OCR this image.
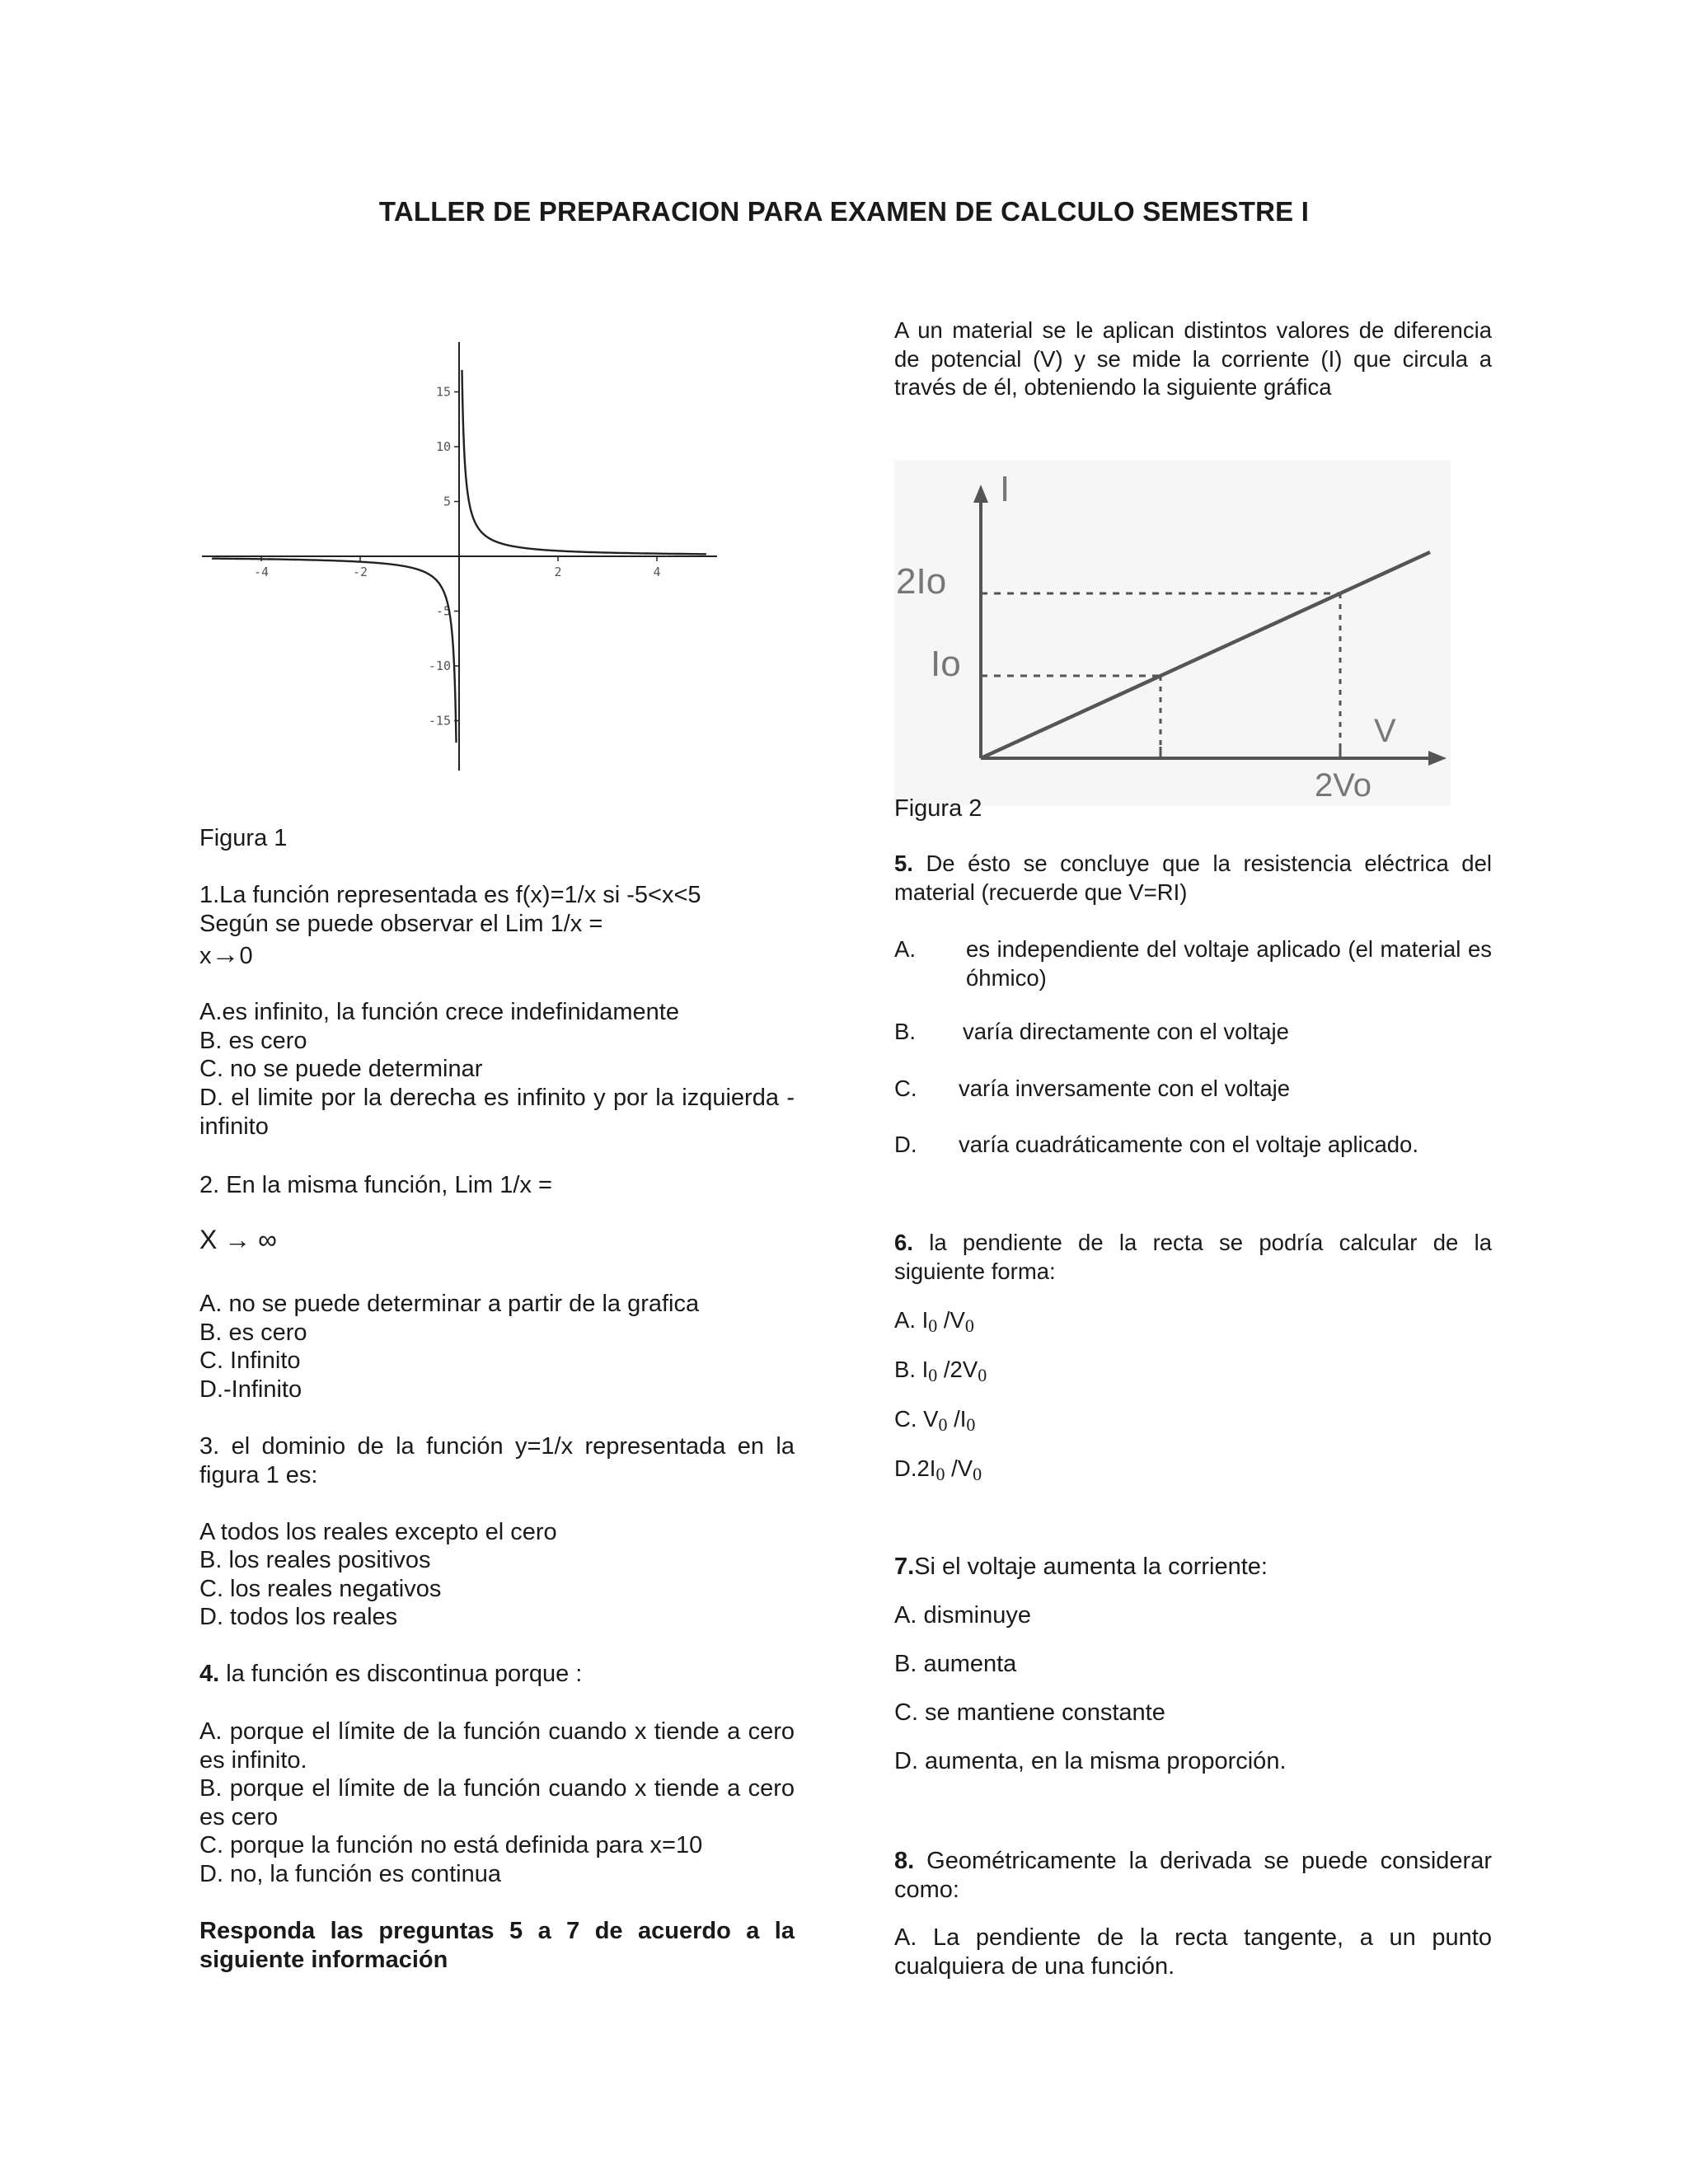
TALLER DE PREPARACION PARA EXAMEN DE CALCULO SEMESTRE I
-4	-2	2	4
15
10
5
-5
-10
-15
I
V
2Io
Io
2Vo

Figura 1

1.La función representada es f(x)=1/x si -5<x<5

Según se puede observar el Lim 1/x =

x→0

A.es infinito, la función crece indefinidamente

B. es cero

C. no se puede determinar

D. el limite por la derecha es infinito y por la izquierda -infinito

2. En la misma función, Lim 1/x =

X → ∞

A. no se puede determinar a partir de la grafica

B. es cero

C. Infinito

D.-Infinito

3. el dominio de la función y=1/x representada en la figura 1 es:

A todos los reales excepto el cero

B. los reales positivos

C. los reales negativos

D. todos los reales

4. la función es discontinua porque :

A. porque el límite de la función cuando x tiende a cero es infinito.

B. porque el límite de la función cuando x tiende a cero es cero

C. porque la función no está definida para x=10

D. no, la función es continua

Responda las preguntas 5 a 7 de acuerdo a la siguiente información

A un material se le aplican distintos valores de diferencia de potencial (V) y se mide la corriente (I) que circula a través de él, obteniendo la siguiente gráfica

Figura 2

5. De ésto se concluye que la resistencia eléctrica del material (recuerde que V=RI)

A. es independiente del voltaje aplicado (el material es óhmico)
B. varía directamente con el voltaje
C. varía inversamente con el voltaje
D. varía cuadráticamente con el voltaje aplicado.

6. la pendiente de la recta se podría calcular de la siguiente forma:

A. $I_0$ $/V_0$

B. $I_0$ $/2V_0$

C. $V_0$ $/I_0$

$D.2I_0$ $/V_0$

7.Si el voltaje aumenta la corriente:

A. disminuye

B. aumenta

C. se mantiene constante

D. aumenta, en la misma proporción.

8. Geométricamente la derivada se puede considerar como:

A. La pendiente de la recta tangente, a un punto cualquiera de una función.
